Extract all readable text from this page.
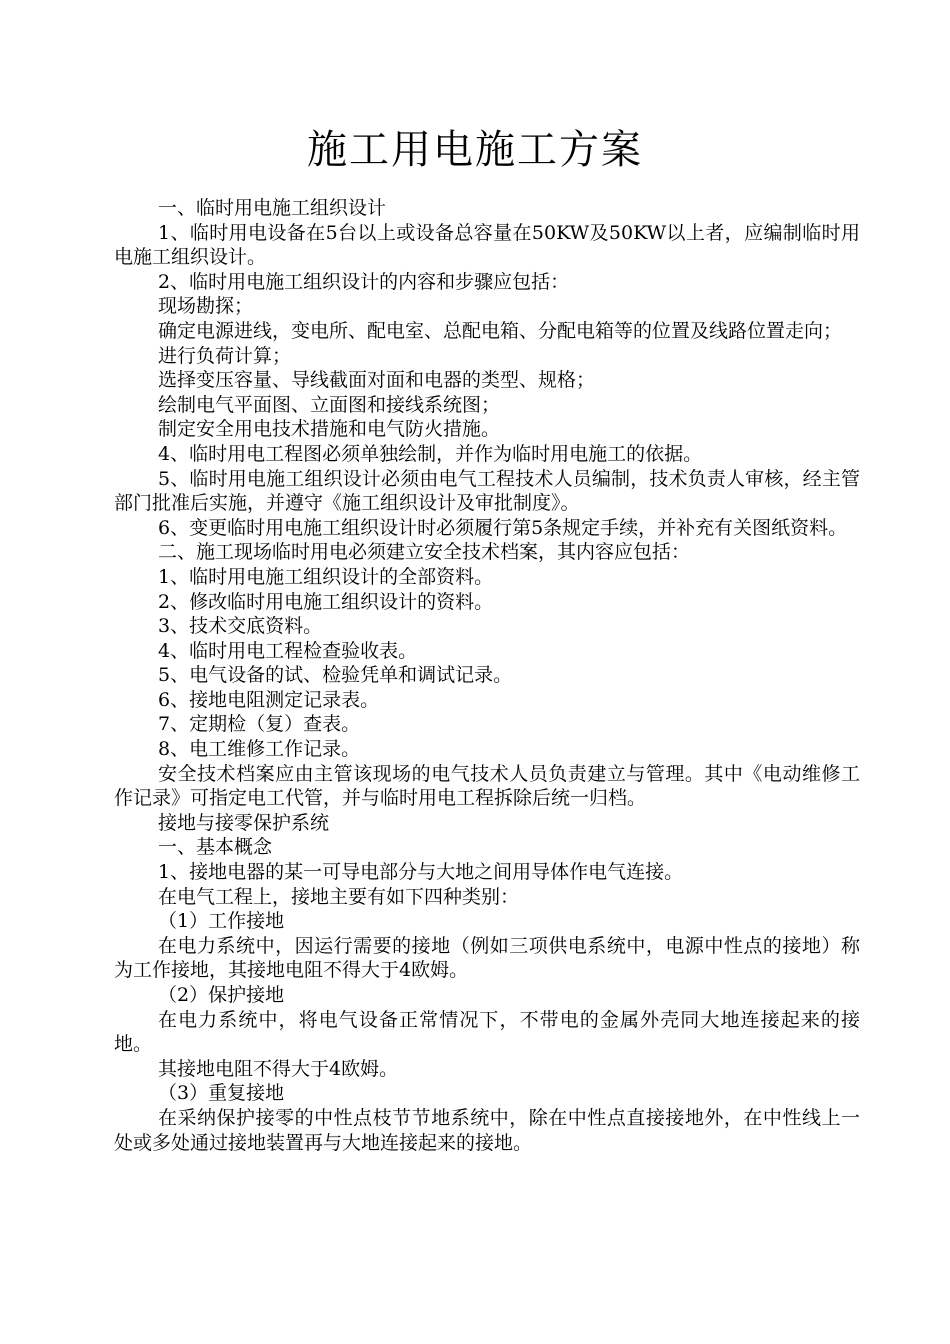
施工用电施工方案

一、临时用电施工组织设计

1、临时用电设备在5台以上或设备总容量在50KW及50KW以上者，应编制临时用电施工组织设计。

2、临时用电施工组织设计的内容和步骤应包括：

现场勘探；

确定电源进线，变电所、配电室、总配电箱、分配电箱等的位置及线路位置走向；

进行负荷计算；

选择变压容量、导线截面对面和电器的类型、规格；

绘制电气平面图、立面图和接线系统图；

制定安全用电技术措施和电气防火措施。

4、临时用电工程图必须单独绘制，并作为临时用电施工的依据。

5、临时用电施工组织设计必须由电气工程技术人员编制，技术负责人审核，经主管部门批准后实施，并遵守《施工组织设计及审批制度》。

6、变更临时用电施工组织设计时必须履行第5条规定手续，并补充有关图纸资料。

二、施工现场临时用电必须建立安全技术档案，其内容应包括：

1、临时用电施工组织设计的全部资料。

2、修改临时用电施工组织设计的资料。

3、技术交底资料。

4、临时用电工程检查验收表。

5、电气设备的试、检验凭单和调试记录。

6、接地电阻测定记录表。

7、定期检（复）查表。

8、电工维修工作记录。

安全技术档案应由主管该现场的电气技术人员负责建立与管理。其中《电动维修工作记录》可指定电工代管，并与临时用电工程拆除后统一归档。

接地与接零保护系统

一、基本概念

1、接地电器的某一可导电部分与大地之间用导体作电气连接。

在电气工程上，接地主要有如下四种类别：

（1）工作接地

在电力系统中，因运行需要的接地（例如三项供电系统中，电源中性点的接地）称为工作接地，其接地电阻不得大于4欧姆。

（2）保护接地

在电力系统中，将电气设备正常情况下，不带电的金属外壳同大地连接起来的接地。

其接地电阻不得大于4欧姆。

（3）重复接地

在采纳保护接零的中性点枝节节地系统中，除在中性点直接接地外，在中性线上一处或多处通过接地装置再与大地连接起来的接地。
